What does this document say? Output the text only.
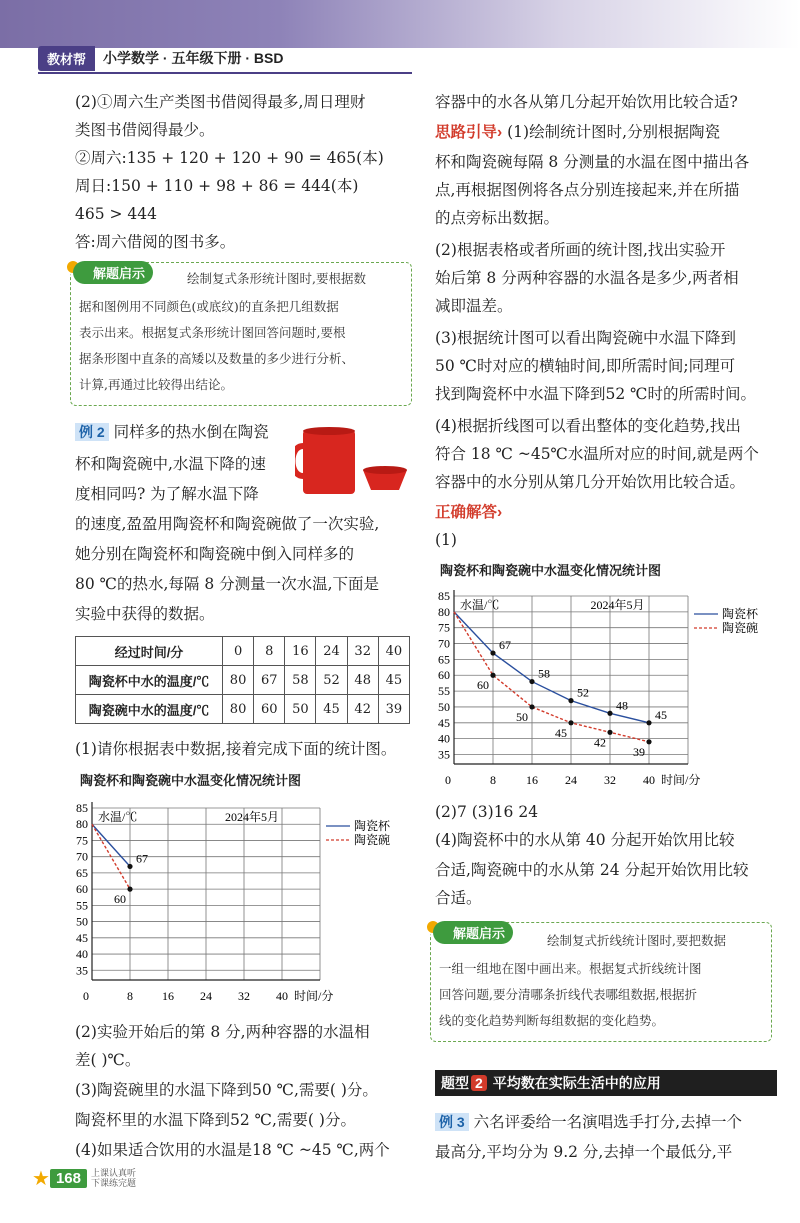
教材帮	小学数学 · 五年级下册 · BSD
(2)①周六生产类图书借阅得最多,周日理财
类图书借阅得最少。
②周六:135 + 120 + 120 + 90 = 465(本)
周日:150 + 110 + 98 + 86 = 444(本)
465 > 444
答:周六借阅的图书多。
解题启示	绘制复式条形统计图时,要根据数
据和图例用不同颜色(或底纹)的直条把几组数据
表示出来。根据复式条形统计图回答问题时,要根
据条形图中直条的高矮以及数量的多少进行分析、
计算,再通过比较得出结论。
例 2 同样多的热水倒在陶瓷
杯和陶瓷碗中,水温下降的速
度相同吗? 为了解水温下降
的速度,盈盈用陶瓷杯和陶瓷碗做了一次实验,
她分别在陶瓷杯和陶瓷碗中倒入同样多的
80 ℃的热水,每隔 8 分测量一次水温,下面是
实验中获得的数据。
经过时间/分	0	8	16	24	32	40
陶瓷杯中水的温度/℃	80	67	58	52	48	45
陶瓷碗中水的温度/℃	80	60	50	45	42	39
(1)请你根据表中数据,接着完成下面的统计图。
陶瓷杯和陶瓷碗中水温变化情况统计图
35
40
45
50
55
60
65
70
75
80
85
0	8 16 24 32 40 时间/分
水温/℃	2024年5月
陶瓷杯
陶瓷碗
67
60
(2)实验开始后的第 8 分,两种容器的水温相
差( )℃。
(3)陶瓷碗里的水温下降到50 ℃,需要( )分。
陶瓷杯里的水温下降到52 ℃,需要( )分。
(4)如果适合饮用的水温是18 ℃ ~45 ℃,两个
容器中的水各从第几分起开始饮用比较合适?
思路引导› (1)绘制统计图时,分别根据陶瓷
杯和陶瓷碗每隔 8 分测量的水温在图中描出各
点,再根据图例将各点分别连接起来,并在所描
的点旁标出数据。
(2)根据表格或者所画的统计图,找出实验开
始后第 8 分两种容器的水温各是多少,两者相
减即温差。
(3)根据统计图可以看出陶瓷碗中水温下降到
50 ℃时对应的横轴时间,即所需时间;同理可
找到陶瓷杯中水温下降到52 ℃时的所需时间。
(4)根据折线图可以看出整体的变化趋势,找出
符合 18 ℃ ~45℃水温所对应的时间,就是两个
容器中的水分别从第几分开始饮用比较合适。
正确解答›
(1)
陶瓷杯和陶瓷碗中水温变化情况统计图
35
40
45
50
55
60
65
70
75
80
85
0	8	16 24 32 40 时间/分
水温/℃	2024年5月
陶瓷杯
陶瓷碗
67
58
52
48
45
60
50
45
42
39
(2)7 (3)16 24
(4)陶瓷杯中的水从第 40 分起开始饮用比较
合适,陶瓷碗中的水从第 24 分起开始饮用比较
合适。
解题启示	绘制复式折线统计图时,要把数据
一组一组地在图中画出来。根据复式折线统计图
回答问题,要分清哪条折线代表哪组数据,根据折
线的变化趋势判断每组数据的变化趋势。
题型 2 平均数在实际生活中的应用
例 3 六名评委给一名演唱选手打分,去掉一个
最高分,平均分为 9.2 分,去掉一个最低分,平
★ 168	上课认真听
下课练完题
